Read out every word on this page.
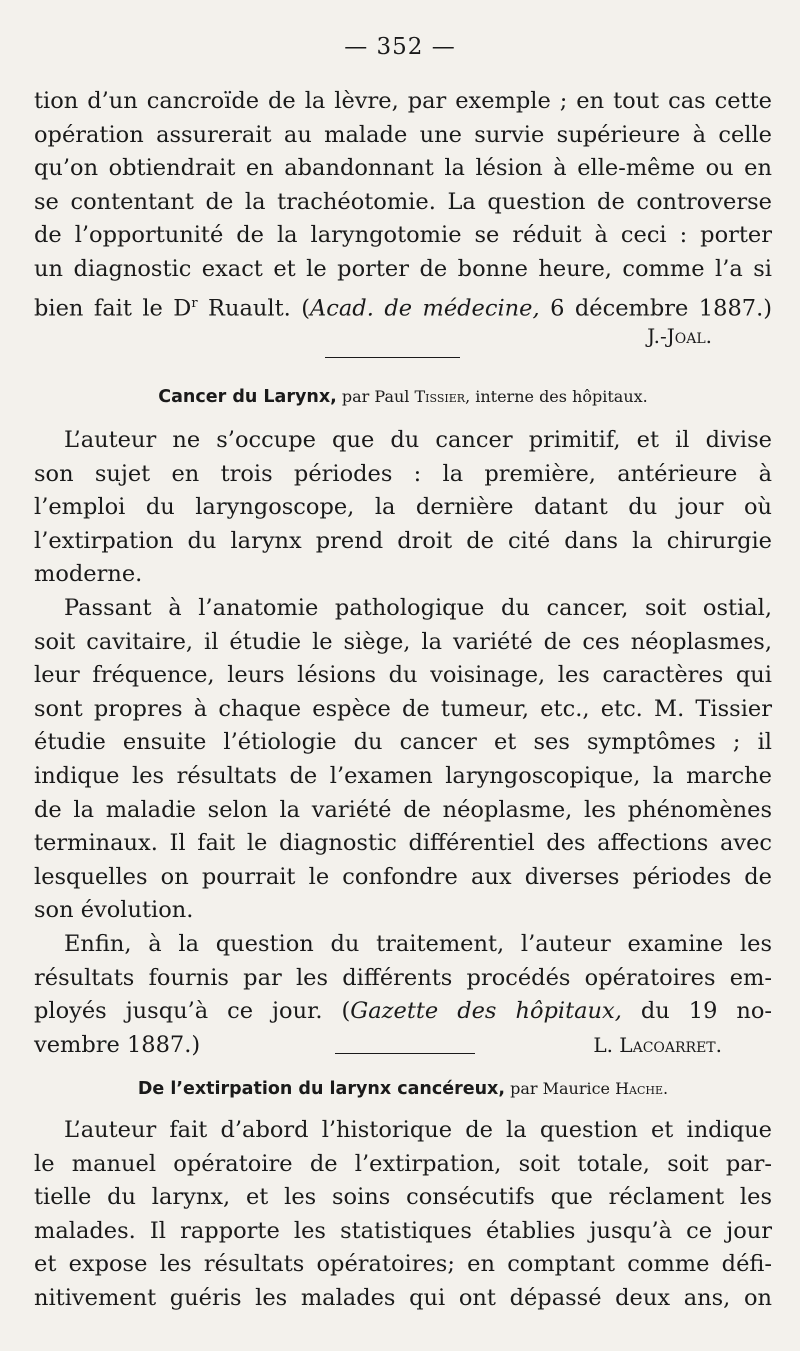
— 352 —
tion d’un cancroïde de la lèvre, par exemple ; en tout cas cette
opération assurerait au malade une survie supérieure à celle
qu’on obtiendrait en abandonnant la lésion à elle-même ou en
se contentant de la trachéotomie. La question de controverse
de l’opportunité de la laryngotomie se réduit à ceci : porter
un diagnostic exact et le porter de bonne heure, comme l’a si
bien fait le $D^r$ Ruault. (Acad. de médecine, 6 décembre 1887.)
J.-Joal.
Cancer du Larynx, par Paul Tissier, interne des hôpitaux.
L’auteur ne s’occupe que du cancer primitif, et il divise
son sujet en trois périodes : la première, antérieure à
l’emploi du laryngoscope, la dernière datant du jour où
l’extirpation du larynx prend droit de cité dans la chirurgie
moderne.
Passant à l’anatomie pathologique du cancer, soit ostial,
soit cavitaire, il étudie le siège, la variété de ces néoplasmes,
leur fréquence, leurs lésions du voisinage, les caractères qui
sont propres à chaque espèce de tumeur, etc., etc. M. Tissier
étudie ensuite l’étiologie du cancer et ses symptômes ; il
indique les résultats de l’examen laryngoscopique, la marche
de la maladie selon la variété de néoplasme, les phénomènes
terminaux. Il fait le diagnostic différentiel des affections avec
lesquelles on pourrait le confondre aux diverses périodes de
son évolution.
Enfin, à la question du traitement, l’auteur examine les
résultats fournis par les différents procédés opératoires em-
ployés jusqu’à ce jour. (Gazette des hôpitaux, du 19 no-
vembre 1887.)	L. Lacoarret.
De l’extirpation du larynx cancéreux, par Maurice Hache.
L’auteur fait d’abord l’historique de la question et indique
le manuel opératoire de l’extirpation, soit totale, soit par-
tielle du larynx, et les soins consécutifs que réclament les
malades. Il rapporte les statistiques établies jusqu’à ce jour
et expose les résultats opératoires; en comptant comme défi-
nitivement guéris les malades qui ont dépassé deux ans, on
